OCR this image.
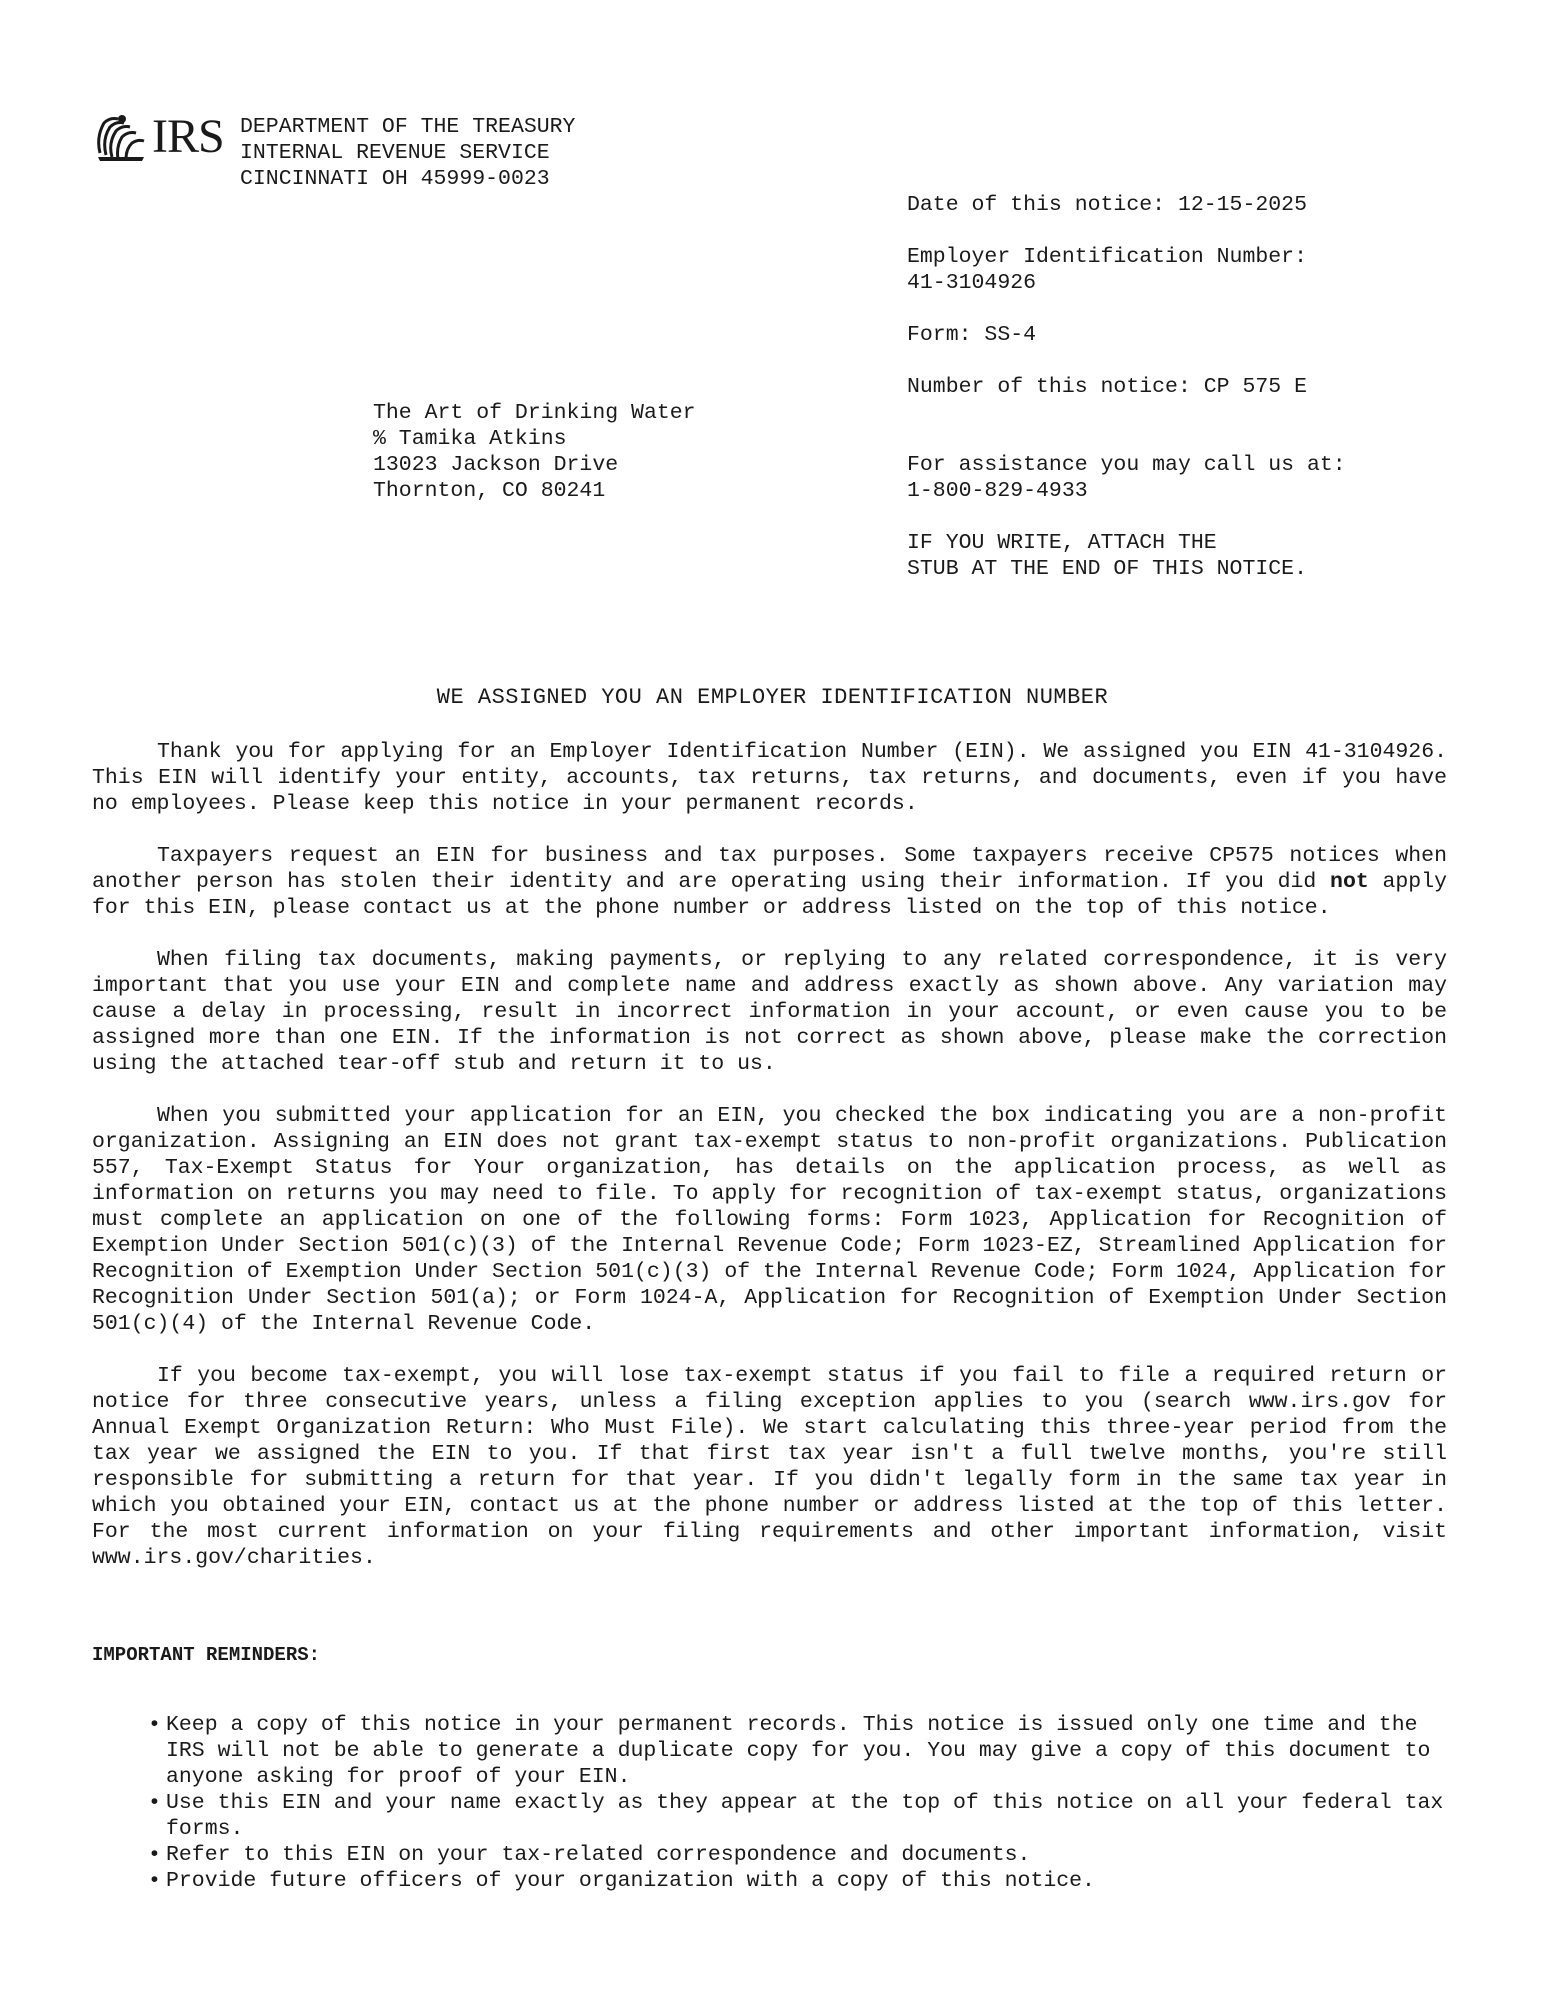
IRS DEPARTMENT OF THE TREASURY
INTERNAL REVENUE SERVICE
CINCINNATI OH 45999-0023
Date of this notice: 12-15-2025
Employer Identification Number:
41-3104926
Form: SS-4
Number of this notice: CP 575 E
For assistance you may call us at:
1-800-829-4933
IF YOU WRITE, ATTACH THE
STUB AT THE END OF THIS NOTICE.
The Art of Drinking Water
% Tamika Atkins
13023 Jackson Drive
Thornton, CO 80241
WE ASSIGNED YOU AN EMPLOYER IDENTIFICATION NUMBER

Thank you for applying for an Employer Identification Number (EIN). We assigned you EIN 41-3104926. This EIN will identify your entity, accounts, tax returns, tax returns, and documents, even if you have no employees. Please keep this notice in your permanent records.

Taxpayers request an EIN for business and tax purposes. Some taxpayers receive CP575 notices when another person has stolen their identity and are operating using their information. If you did not apply for this EIN, please contact us at the phone number or address listed on the top of this notice.

When filing tax documents, making payments, or replying to any related correspondence, it is very important that you use your EIN and complete name and address exactly as shown above. Any variation may cause a delay in processing, result in incorrect information in your account, or even cause you to be assigned more than one EIN. If the information is not correct as shown above, please make the correction using the attached tear-off stub and return it to us.

When you submitted your application for an EIN, you checked the box indicating you are a non-profit organization. Assigning an EIN does not grant tax-exempt status to non-profit organizations. Publication 557, Tax-Exempt Status for Your organization, has details on the application process, as well as information on returns you may need to file. To apply for recognition of tax-exempt status, organizations must complete an application on one of the following forms: Form 1023, Application for Recognition of Exemption Under Section 501(c)(3) of the Internal Revenue Code; Form 1023-EZ, Streamlined Application for Recognition of Exemption Under Section 501(c)(3) of the Internal Revenue Code; Form 1024, Application for Recognition Under Section 501(a); or Form 1024-A, Application for Recognition of Exemption Under Section 501(c)(4) of the Internal Revenue Code.

If you become tax-exempt, you will lose tax-exempt status if you fail to file a required return or notice for three consecutive years, unless a filing exception applies to you (search www.irs.gov for Annual Exempt Organization Return: Who Must File). We start calculating this three-year period from the tax year we assigned the EIN to you. If that first tax year isn't a full twelve months, you're still responsible for submitting a return for that year. If you didn't legally form in the same tax year in which you obtained your EIN, contact us at the phone number or address listed at the top of this letter. For the most current information on your filing requirements and other important information, visit www.irs.gov/charities.

IMPORTANT REMINDERS:
• Keep a copy of this notice in your permanent records. This notice is issued only one time and the IRS will not be able to generate a duplicate copy for you. You may give a copy of this document to anyone asking for proof of your EIN.
• Use this EIN and your name exactly as they appear at the top of this notice on all your federal tax forms.
• Refer to this EIN on your tax-related correspondence and documents.
• Provide future officers of your organization with a copy of this notice.
